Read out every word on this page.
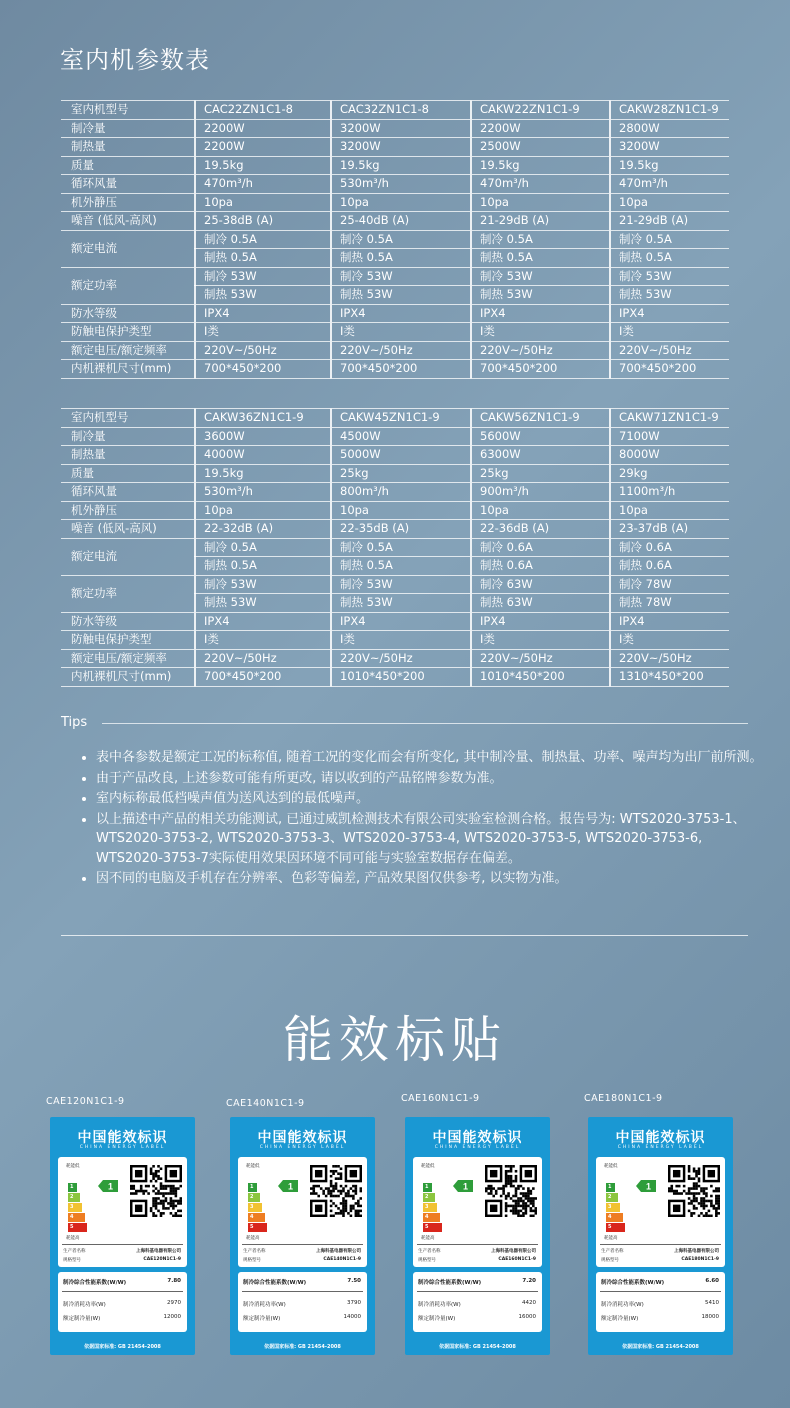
室内机参数表
室内机型号	CAC22ZN1C1-8	CAC32ZN1C1-8	CAKW22ZN1C1-9	CAKW28ZN1C1-9
制冷量	2200W	3200W	2200W	2800W
制热量	2200W	3200W	2500W	3200W
质量	19.5kg	19.5kg	19.5kg	19.5kg
循环风量	470m³/h	530m³/h	470m³/h	470m³/h
机外静压	10pa	10pa	10pa	10pa
噪音 (低风-高风)	25-38dB (A)	25-40dB (A)	21-29dB (A)	21-29dB (A)
额定电流	制冷 0.5A	制冷 0.5A	制冷 0.5A	制冷 0.5A
	制热 0.5A	制热 0.5A	制热 0.5A	制热 0.5A
额定功率	制冷 53W	制冷 53W	制冷 53W	制冷 53W
	制热 53W	制热 53W	制热 53W	制热 53W
防水等级	IPX4	IPX4	IPX4	IPX4
防触电保护类型	I类	I类	I类	I类
额定电压/额定频率	220V~/50Hz	220V~/50Hz	220V~/50Hz	220V~/50Hz
内机裸机尺寸(mm)	700*450*200	700*450*200	700*450*200	700*450*200
室内机型号	CAKW36ZN1C1-9	CAKW45ZN1C1-9	CAKW56ZN1C1-9	CAKW71ZN1C1-9
制冷量	3600W	4500W	5600W	7100W
制热量	4000W	5000W	6300W	8000W
质量	19.5kg	25kg	25kg	29kg
循环风量	530m³/h	800m³/h	900m³/h	1100m³/h
机外静压	10pa	10pa	10pa	10pa
噪音 (低风-高风)	22-32dB (A)	22-35dB (A)	22-36dB (A)	23-37dB (A)
额定电流	制冷 0.5A	制冷 0.5A	制冷 0.6A	制冷 0.6A
	制热 0.5A	制热 0.5A	制热 0.6A	制热 0.6A
额定功率	制冷 53W	制冷 53W	制冷 63W	制冷 78W
	制热 53W	制热 53W	制热 63W	制热 78W
防水等级	IPX4	IPX4	IPX4	IPX4
防触电保护类型	I类	I类	I类	I类
额定电压/额定频率	220V~/50Hz	220V~/50Hz	220V~/50Hz	220V~/50Hz
内机裸机尺寸(mm)	700*450*200	1010*450*200	1010*450*200	1310*450*200
Tips
• 表中各参数是额定工况的标称值, 随着工况的变化而会有所变化, 其中制冷量、制热量、功率、噪声均为出厂前所测。
• 由于产品改良, 上述参数可能有所更改, 请以收到的产品铭牌参数为准。
• 室内标称最低档噪声值为送风达到的最低噪声。
• 以上描述中产品的相关功能测试, 已通过威凯检测技术有限公司实验室检测合格。报告号为: WTS2020-3753-1、WTS2020-3753-2, WTS2020-3753-3、WTS2020-3753-4, WTS2020-3753-5, WTS2020-3753-6, WTS2020-3753-7实际使用效果因环境不同可能与实验室数据存在偏差。
• 因不同的电脑及手机存在分辨率、色彩等偏差, 产品效果图仅供参考, 以实物为准。
能效标贴
CAE120N1C1-9
中国能效标识
CHINA ENERGY LABEL
耗能低
1
2
3
4
5
1
耗能高
生产者名称	上海科基电器有限公司
规格型号	CAE120N1C1-9
制冷综合性能系数(W/W)	7.80
制冷消耗功率(W)	2970
额定制冷量(W)	12000
依据国家标准: GB 21454-2008
CAE140N1C1-9
中国能效标识
CHINA ENERGY LABEL
耗能低
1
2
3
4
5
1
耗能高
生产者名称	上海科基电器有限公司
规格型号	CAE140N1C1-9
制冷综合性能系数(W/W)	7.50
制冷消耗功率(W)	3790
额定制冷量(W)	14000
依据国家标准: GB 21454-2008
CAE160N1C1-9
中国能效标识
CHINA ENERGY LABEL
耗能低
1
2
3
4
5
1
耗能高
生产者名称	上海科基电器有限公司
规格型号	CAE160N1C1-9
制冷综合性能系数(W/W)	7.20
制冷消耗功率(W)	4420
额定制冷量(W)	16000
依据国家标准: GB 21454-2008
CAE180N1C1-9
中国能效标识
CHINA ENERGY LABEL
耗能低
1
2
3
4
5
1
耗能高
生产者名称	上海科基电器有限公司
规格型号	CAE180N1C1-9
制冷综合性能系数(W/W)	6.60
制冷消耗功率(W)	5410
额定制冷量(W)	18000
依据国家标准: GB 21454-2008
